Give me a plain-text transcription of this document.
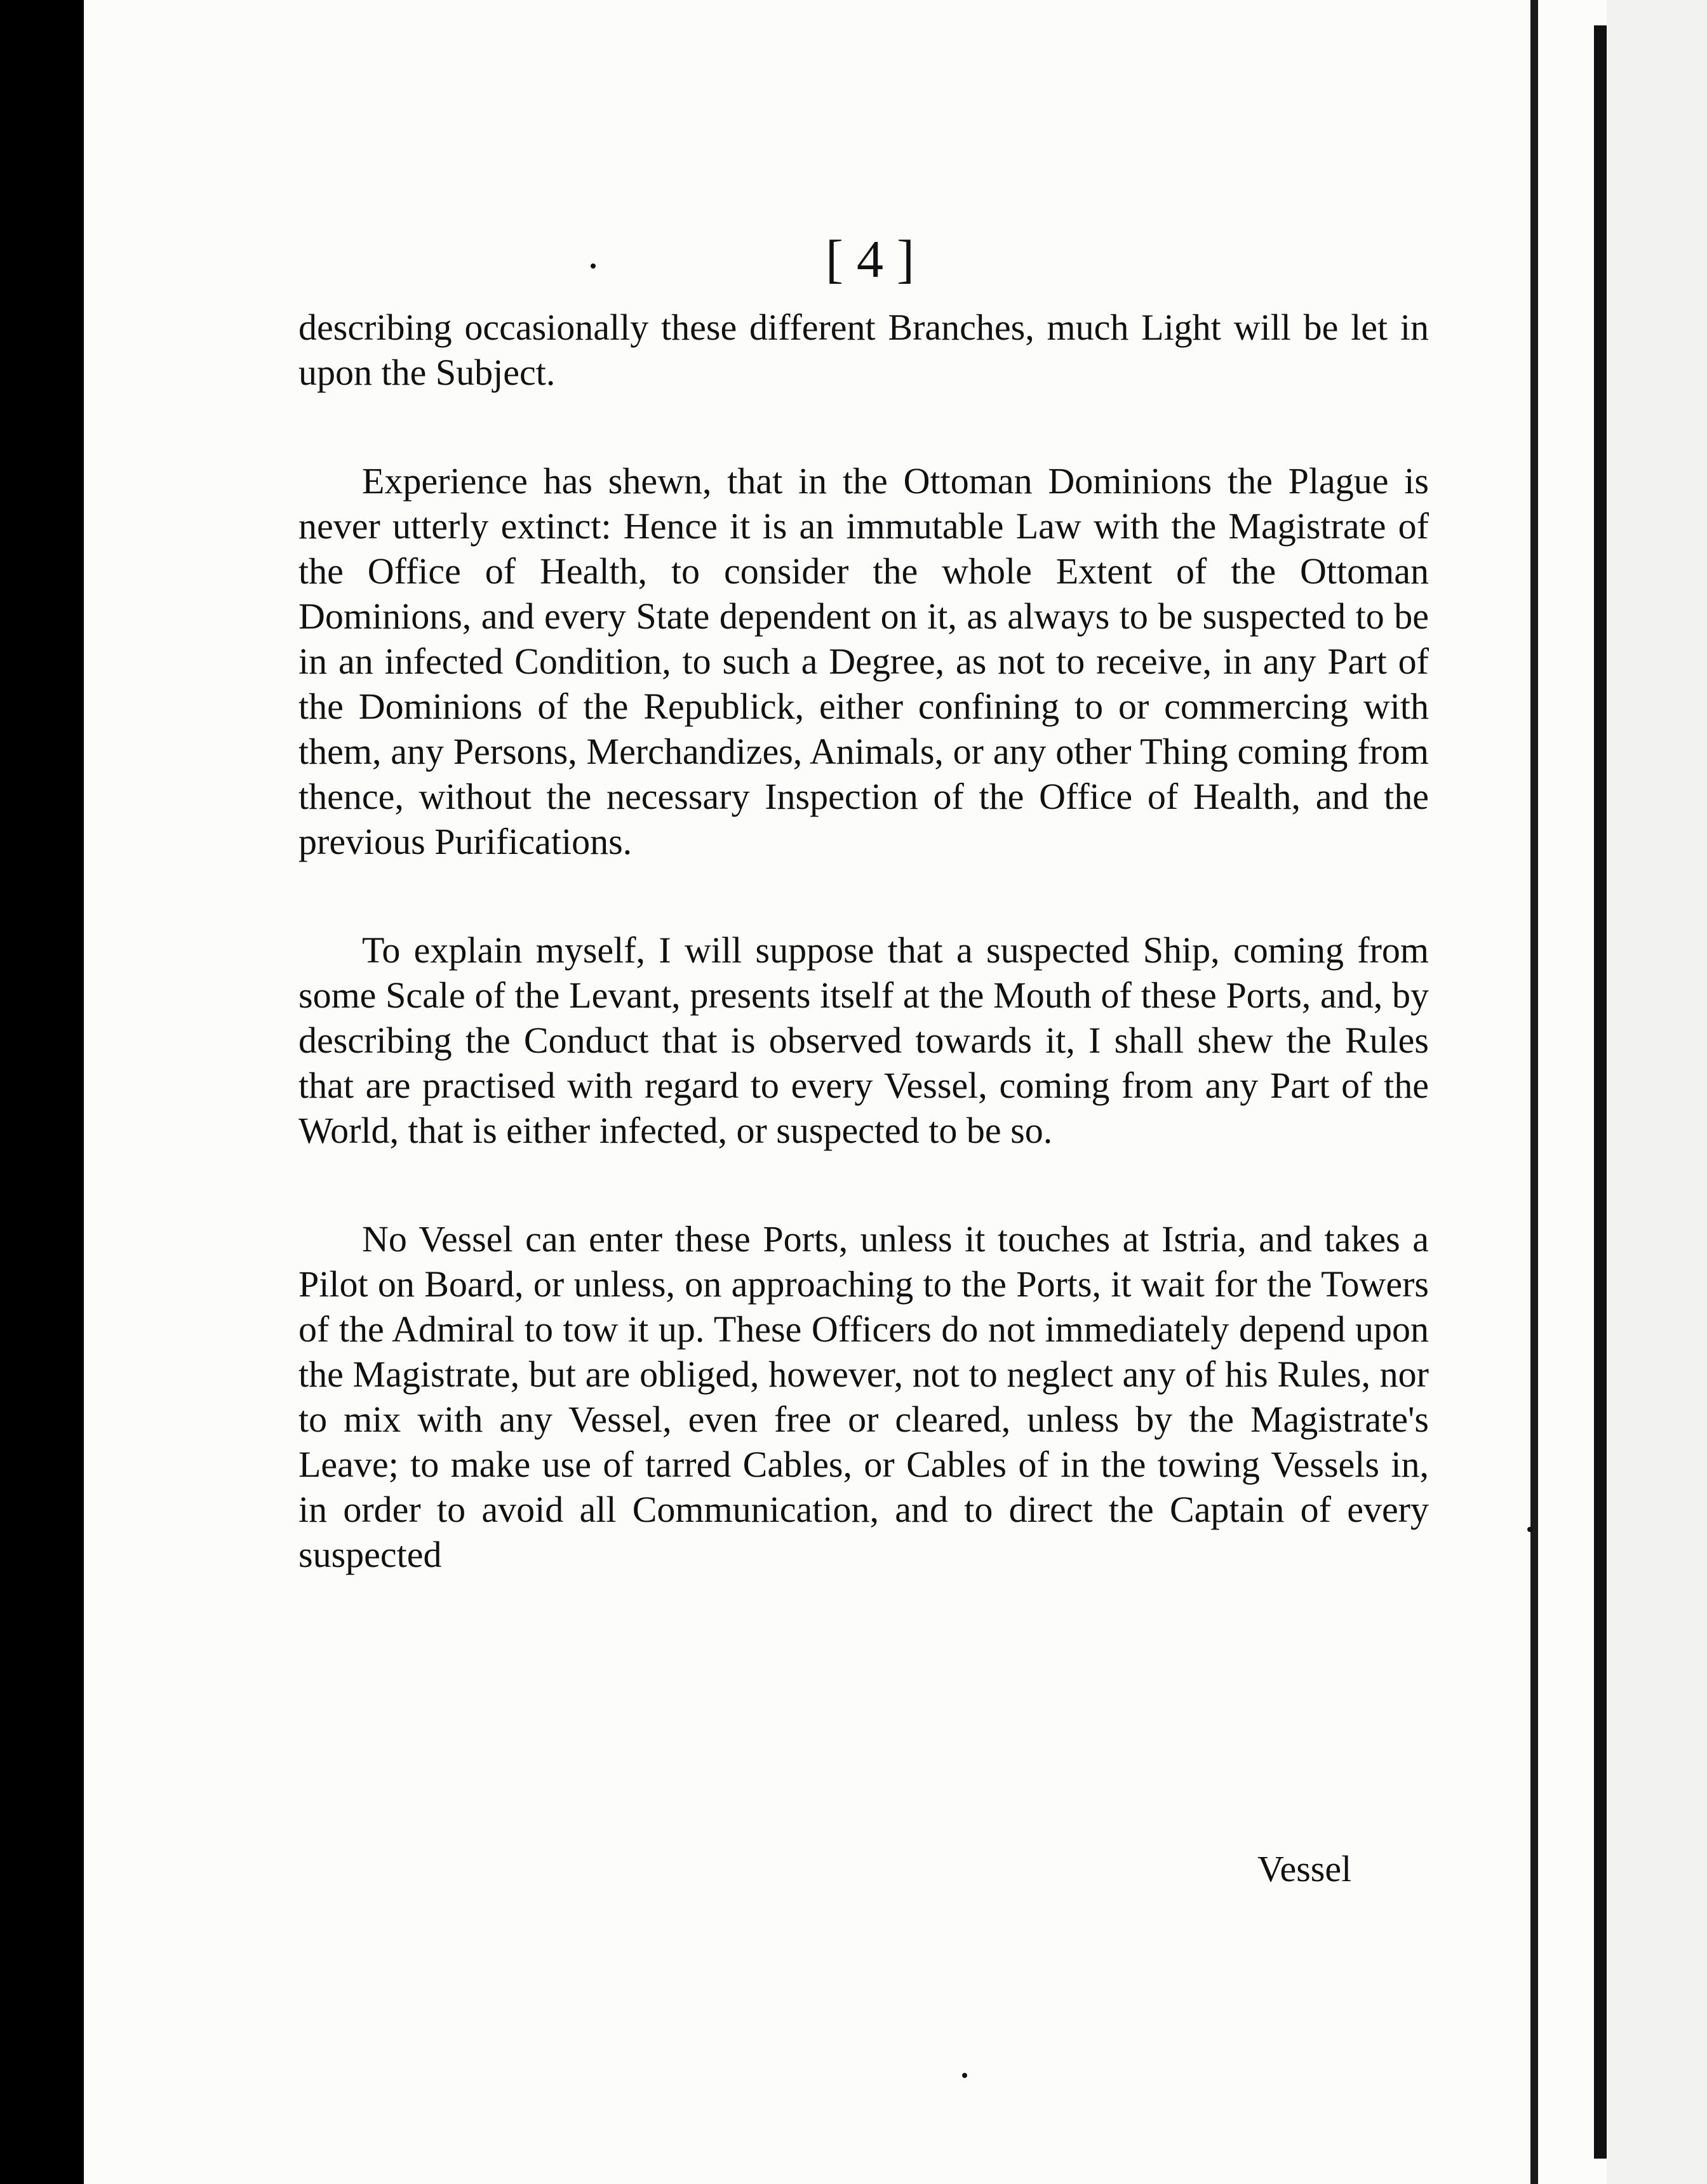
[ 4 ]

describing occasionally these different Branches, much Light will be let in upon the Subject.

Experience has shewn, that in the Ottoman Dominions the Plague is never utterly extinct: Hence it is an immutable Law with the Magistrate of the Office of Health, to consider the whole Extent of the Ottoman Dominions, and every State dependent on it, as always to be suspected to be in an infected Condition, to such a Degree, as not to receive, in any Part of the Dominions of the Republick, either confining to or commercing with them, any Persons, Merchandizes, Animals, or any other Thing coming from thence, without the necessary Inspection of the Office of Health, and the previous Purifications.

To explain myself, I will suppose that a suspected Ship, coming from some Scale of the Levant, presents itself at the Mouth of these Ports, and, by describing the Conduct that is observed towards it, I shall shew the Rules that are practised with regard to every Vessel, coming from any Part of the World, that is either infected, or suspected to be so.

No Vessel can enter these Ports, unless it touches at Istria, and takes a Pilot on Board, or unless, on approaching to the Ports, it wait for the Towers of the Admiral to tow it up. These Officers do not immediately depend upon the Magistrate, but are obliged, however, not to neglect any of his Rules, nor to mix with any Vessel, even free or cleared, unless by the Magistrate's Leave; to make use of tarred Cables, or Cables of in the towing Vessels in, in order to avoid all Communication, and to direct the Captain of every suspected

Vessel
